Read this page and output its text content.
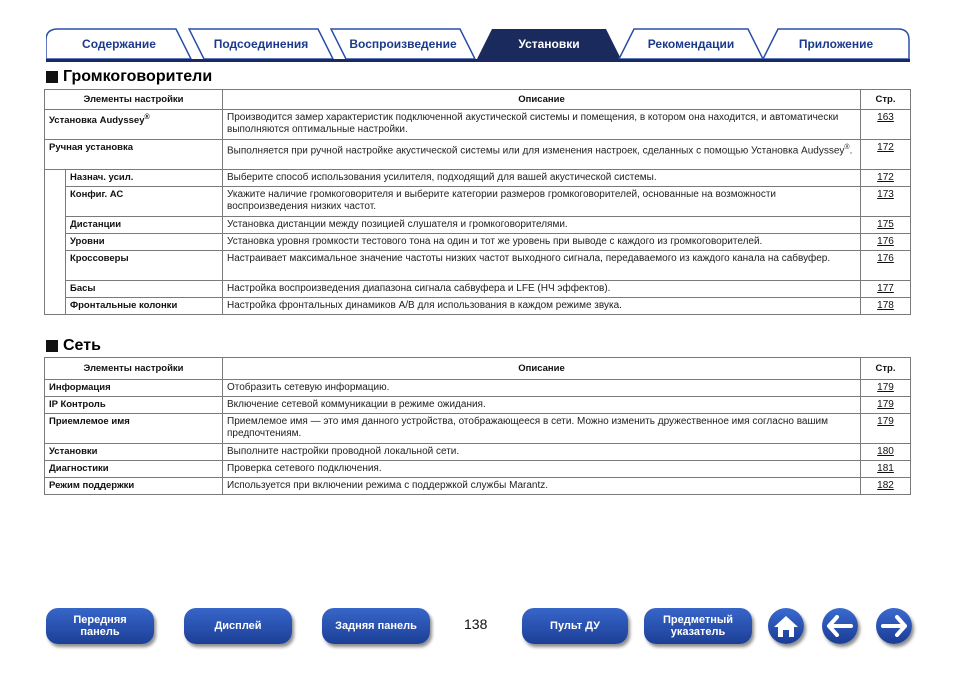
Содержание	Подсоединения	Воспроизведение	Установки	Рекомендации	Приложение
Громкоговорители
Элементы настройки		Описание	Стр.
Установка Audyssey®		Производится замер характеристик подключенной акустической системы и помещения, в котором она находится, и автоматически выполняются оптимальные настройки.	163
Ручная установка		Выполняется при ручной настройке акустической системы или для изменения настроек, сделанных с помощью Установка Audyssey®.	172
	Назнач. усил.	Выберите способ использования усилителя, подходящий для вашей акустической системы.	172
	Конфиг. АС	Укажите наличие громкоговорителя и выберите категории размеров громкоговорителей, основанные на возможности воспроизведения низких частот.	173
	Дистанции	Установка дистанции между позицией слушателя и громкоговорителями.	175
	Уровни	Установка уровня громкости тестового тона на один и тот же уровень при выводе с каждого из громкоговорителей.	176
	Кроссоверы	Настраивает максимальное значение частоты низких частот выходного сигнала, передаваемого из каждого канала на сабвуфер.	176
	Басы	Настройка воспроизведения диапазона сигнала сабвуфера и LFE (НЧ эффектов).	177
	Фронтальные колонки	Настройка фронтальных динамиков A/B для использования в каждом режиме звука.	178
Сеть
Элементы настройки	Описание	Стр.
Информация	Отобразить сетевую информацию.	179
IP Контроль	Включение сетевой коммуникации в режиме ожидания.	179
Приемлемое имя	Приемлемое имя — это имя данного устройства, отображающееся в сети. Можно изменить дружественное имя согласно вашим предпочтениям.	179
Установки	Выполните настройки проводной локальной сети.	180
Диагностики	Проверка сетевого подключения.	181
Режим поддержки	Используется при включении режима с поддержкой службы Marantz.	182
Передняя панель	Дисплей	Задняя панель	138	Пульт ДУ	Предметный указатель
